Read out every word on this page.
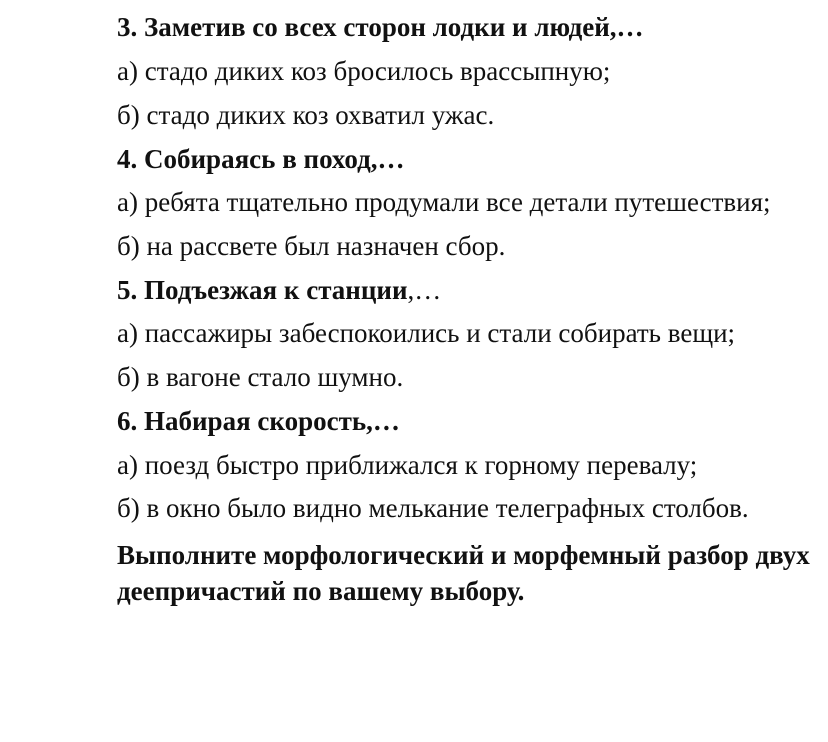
3. Заметив со всех сторон лодки и людей,…

а) стадо диких коз бросилось врассыпную;

б) стадо диких коз охватил ужас.

4. Собираясь в поход,…

а) ребята тщательно продумали все детали путешествия;

б) на рассвете был назначен сбор.

5. Подъезжая к станции,…

а) пассажиры забеспокоились и стали собирать вещи;

б) в вагоне стало шумно.

6. Набирая скорость,…

а) поезд быстро приближался к горному перевалу;

б) в окно было видно мелькание телеграфных столбов.

Выполните морфологический и морфемный разбор двух деепричастий по вашему выбору.
